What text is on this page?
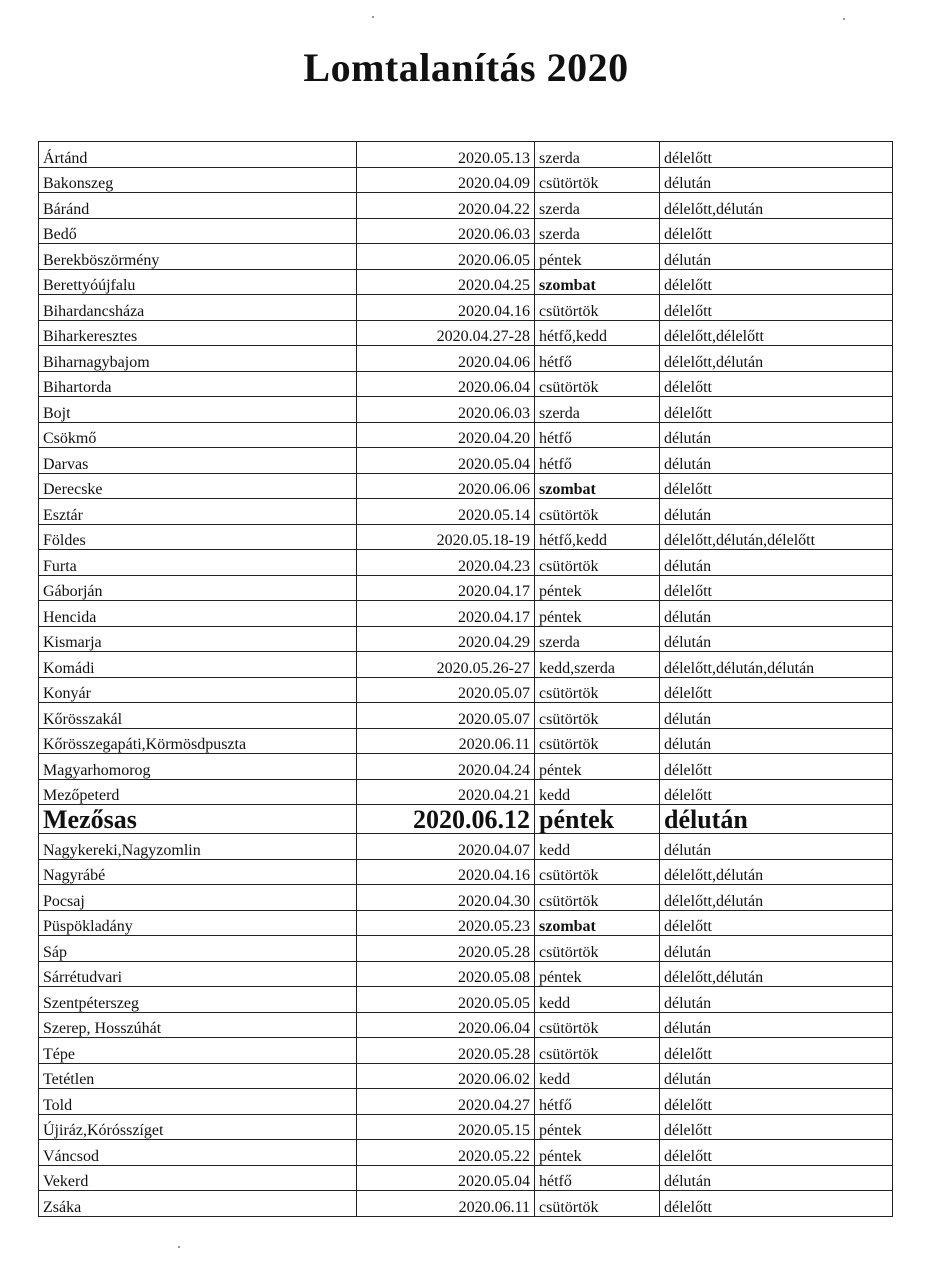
Lomtalanítás 2020
Ártánd	2020.05.13	szerda	délelőtt
Bakonszeg	2020.04.09	csütörtök	délután
Báránd	2020.04.22	szerda	délelőtt,délután
Bedő	2020.06.03	szerda	délelőtt
Berekböszörmény	2020.06.05	péntek	délután
Berettyóújfalu	2020.04.25	szombat	délelőtt
Bihardancsháza	2020.04.16	csütörtök	délelőtt
Biharkeresztes	2020.04.27-28	hétfő,kedd	délelőtt,délelőtt
Biharnagybajom	2020.04.06	hétfő	délelőtt,délután
Bihartorda	2020.06.04	csütörtök	délelőtt
Bojt	2020.06.03	szerda	délelőtt
Csökmő	2020.04.20	hétfő	délután
Darvas	2020.05.04	hétfő	délután
Derecske	2020.06.06	szombat	délelőtt
Esztár	2020.05.14	csütörtök	délután
Földes	2020.05.18-19	hétfő,kedd	délelőtt,délután,délelőtt
Furta	2020.04.23	csütörtök	délután
Gáborján	2020.04.17	péntek	délelőtt
Hencida	2020.04.17	péntek	délután
Kismarja	2020.04.29	szerda	délután
Komádi	2020.05.26-27	kedd,szerda	délelőtt,délután,délután
Konyár	2020.05.07	csütörtök	délelőtt
Kőrösszakál	2020.05.07	csütörtök	délután
Kőrösszegapáti,Körmösdpuszta	2020.06.11	csütörtök	délután
Magyarhomorog	2020.04.24	péntek	délelőtt
Mezőpeterd	2020.04.21	kedd	délelőtt
Mezősas	2020.06.12	péntek	délután
Nagykereki,Nagyzomlin	2020.04.07	kedd	délután
Nagyrábé	2020.04.16	csütörtök	délelőtt,délután
Pocsaj	2020.04.30	csütörtök	délelőtt,délután
Püspökladány	2020.05.23	szombat	délelőtt
Sáp	2020.05.28	csütörtök	délután
Sárrétudvari	2020.05.08	péntek	délelőtt,délután
Szentpéterszeg	2020.05.05	kedd	délután
Szerep, Hosszúhát	2020.06.04	csütörtök	délután
Tépe	2020.05.28	csütörtök	délelőtt
Tetétlen	2020.06.02	kedd	délután
Told	2020.04.27	hétfő	délelőtt
Újiráz,Kórósszíget	2020.05.15	péntek	délelőtt
Váncsod	2020.05.22	péntek	délelőtt
Vekerd	2020.05.04	hétfő	délután
Zsáka	2020.06.11	csütörtök	délelőtt
